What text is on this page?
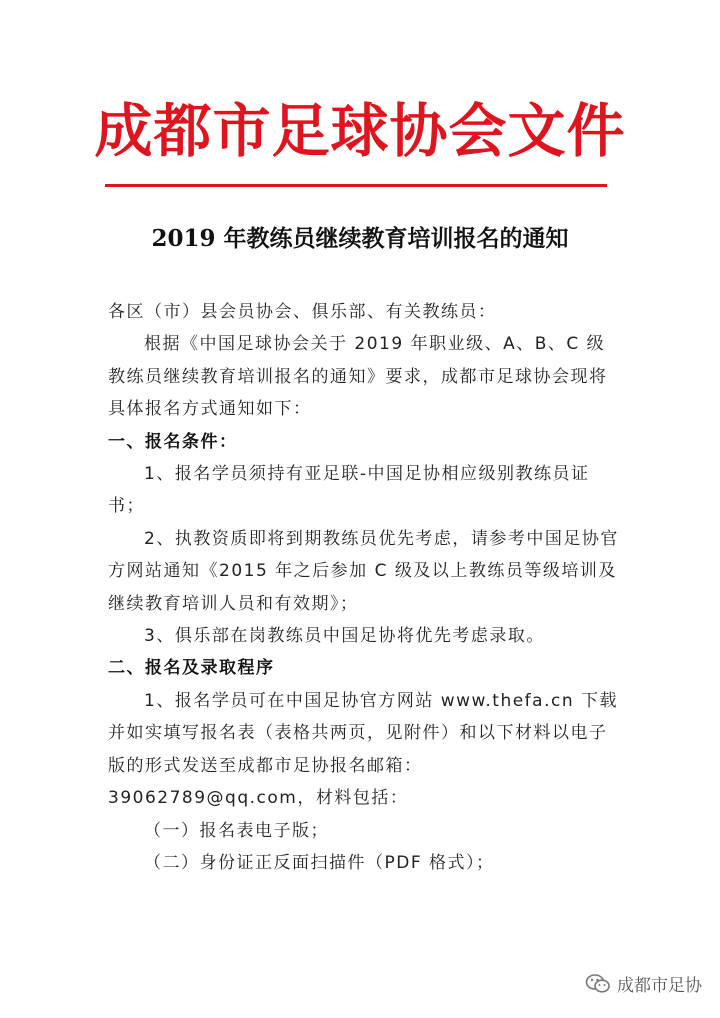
成都市足球协会文件
2019 年教练员继续教育培训报名的通知

各区（市）县会员协会、俱乐部、有关教练员：

根据《中国足球协会关于 2019 年职业级、A、B、C 级教练员继续教育培训报名的通知》要求，成都市足球协会现将具体报名方式通知如下：

一、报名条件：

1、报名学员须持有亚足联-中国足协相应级别教练员证书；

2、执教资质即将到期教练员优先考虑，请参考中国足协官方网站通知《2015 年之后参加 C 级及以上教练员等级培训及继续教育培训人员和有效期》；

3、俱乐部在岗教练员中国足协将优先考虑录取。

二、报名及录取程序

1、报名学员可在中国足协官方网站 www.thefa.cn 下载并如实填写报名表（表格共两页，见附件）和以下材料以电子版的形式发送至成都市足协报名邮箱：39062789@qq.com，材料包括：

（一）报名表电子版；

（二）身份证正反面扫描件（PDF 格式）；

成都市足协
